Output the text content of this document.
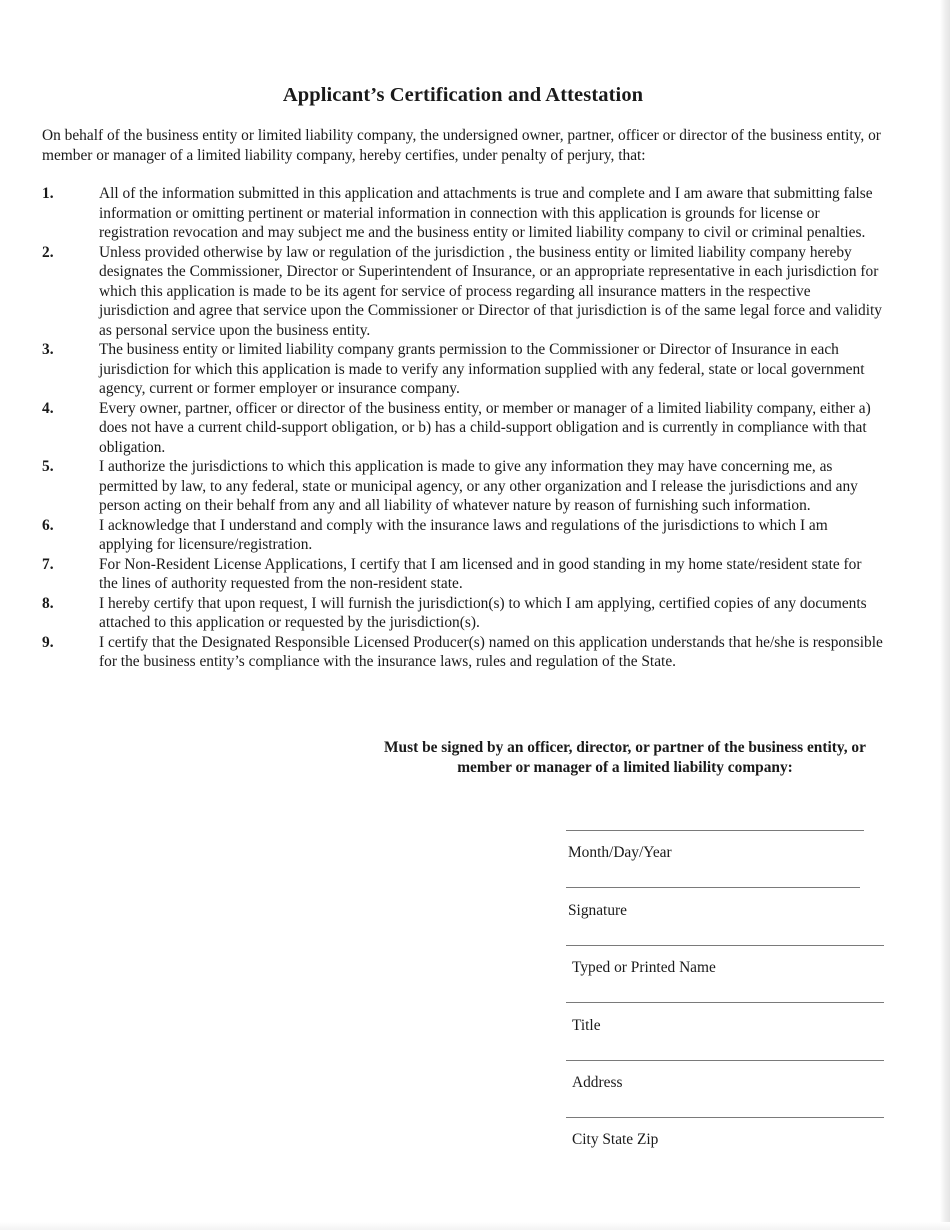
Applicant’s Certification and Attestation
On behalf of the business entity or limited liability company, the undersigned owner, partner, officer or director of the business entity, or member or manager of a limited liability company, hereby certifies, under penalty of perjury, that:
1.	All of the information submitted in this application and attachments is true and complete and I am aware that submitting false information or omitting pertinent or material information in connection with this application is grounds for license or registration revocation and may subject me and the business entity or limited liability company to civil or criminal penalties.
2.	Unless provided otherwise by law or regulation of the jurisdiction , the business entity or limited liability company hereby designates the Commissioner, Director or Superintendent of Insurance, or an appropriate representative in each jurisdiction for which this application is made to be its agent for service of process regarding all insurance matters in the respective jurisdiction and agree that service upon the Commissioner or Director of that jurisdiction is of the same legal force and validity as personal service upon the business entity.
3.	The business entity or limited liability company grants permission to the Commissioner or Director of Insurance in each jurisdiction for which this application is made to verify any information supplied with any federal, state or local government agency, current or former employer or insurance company.
4.	Every owner, partner, officer or director of the business entity, or member or manager of a limited liability company, either a) does not have a current child-support obligation, or b) has a child-support obligation and is currently in compliance with that obligation.
5.	I authorize the jurisdictions to which this application is made to give any information they may have concerning me, as permitted by law, to any federal, state or municipal agency, or any other organization and I release the jurisdictions and any person acting on their behalf from any and all liability of whatever nature by reason of furnishing such information.
6.	I acknowledge that I understand and comply with the insurance laws and regulations of the jurisdictions to which I am applying for licensure/registration.
7.	For Non-Resident License Applications, I certify that I am licensed and in good standing in my home state/resident state for the lines of authority requested from the non-resident state.
8.	I hereby certify that upon request, I will furnish the jurisdiction(s) to which I am applying, certified copies of any documents attached to this application or requested by the jurisdiction(s).
9.	I certify that the Designated Responsible Licensed Producer(s) named on this application understands that he/she is responsible for the business entity’s compliance with the insurance laws, rules and regulation of the State.
Must be signed by an officer, director, or partner of the business entity, or member or manager of a limited liability company:
Month/Day/Year
Signature
Typed or Printed Name
Title
Address
City State Zip
